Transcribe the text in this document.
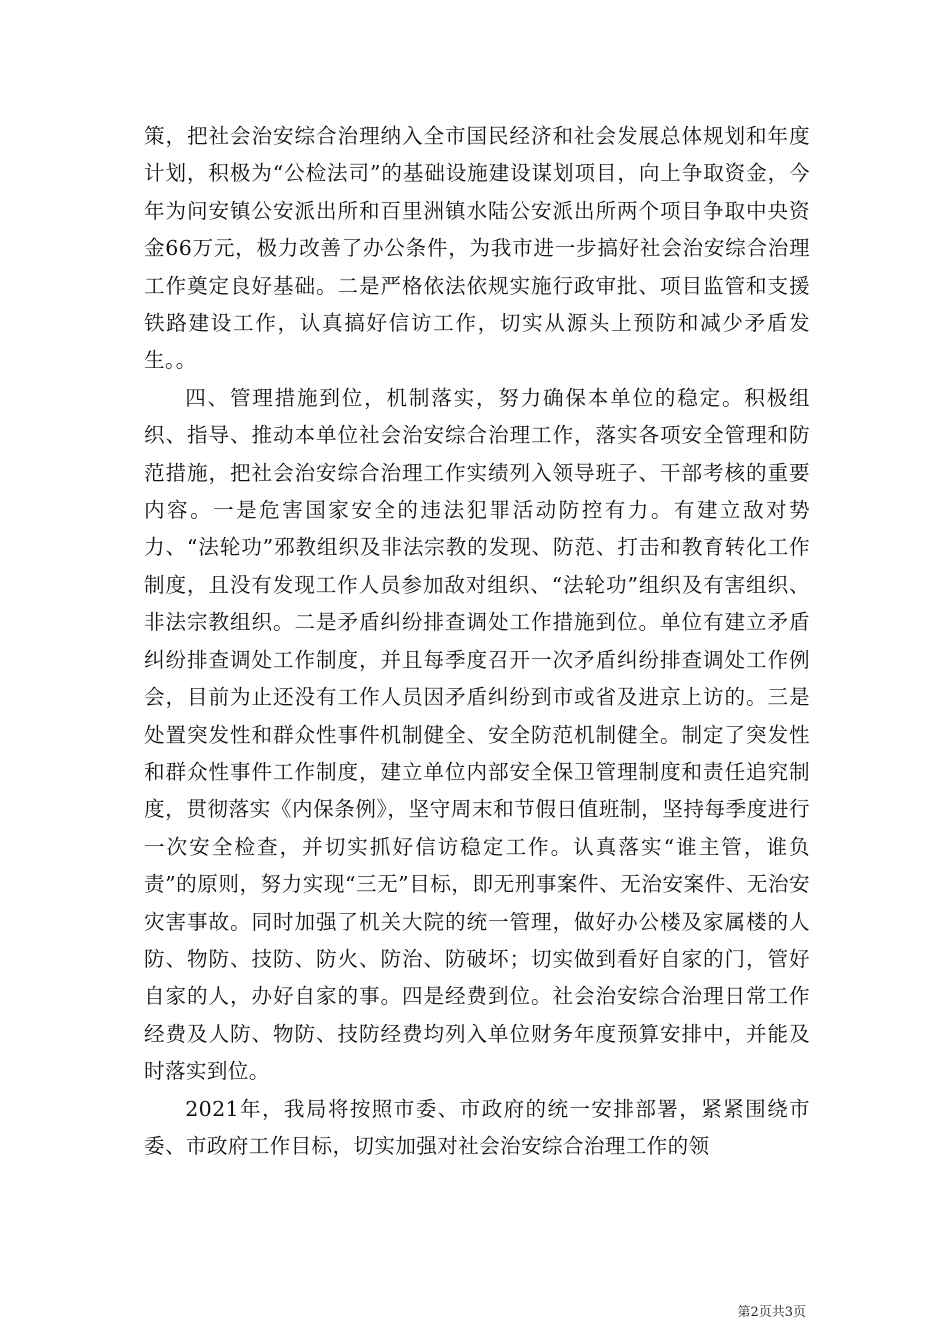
策，把社会治安综合治理纳入全市国民经济和社会发展总体规划和年度计划，积极为“公检法司”的基础设施建设谋划项目，向上争取资金，今年为问安镇公安派出所和百里洲镇水陆公安派出所两个项目争取中央资金66万元，极力改善了办公条件，为我市进一步搞好社会治安综合治理工作奠定良好基础。二是严格依法依规实施行政审批、项目监管和支援铁路建设工作，认真搞好信访工作，切实从源头上预防和减少矛盾发生。。

四、管理措施到位，机制落实，努力确保本单位的稳定。积极组织、指导、推动本单位社会治安综合治理工作，落实各项安全管理和防范措施，把社会治安综合治理工作实绩列入领导班子、干部考核的重要内容。一是危害国家安全的违法犯罪活动防控有力。有建立敌对势力、“法轮功”邪教组织及非法宗教的发现、防范、打击和教育转化工作制度，且没有发现工作人员参加敌对组织、“法轮功”组织及有害组织、非法宗教组织。二是矛盾纠纷排查调处工作措施到位。单位有建立矛盾纠纷排查调处工作制度，并且每季度召开一次矛盾纠纷排查调处工作例会，目前为止还没有工作人员因矛盾纠纷到市或省及进京上访的。三是处置突发性和群众性事件机制健全、安全防范机制健全。制定了突发性和群众性事件工作制度，建立单位内部安全保卫管理制度和责任追究制度，贯彻落实《内保条例》，坚守周末和节假日值班制，坚持每季度进行一次安全检查，并切实抓好信访稳定工作。认真落实“谁主管，谁负责”的原则，努力实现“三无”目标，即无刑事案件、无治安案件、无治安灾害事故。同时加强了机关大院的统一管理，做好办公楼及家属楼的人防、物防、技防、防火、防治、防破坏；切实做到看好自家的门，管好自家的人，办好自家的事。四是经费到位。社会治安综合治理日常工作经费及人防、物防、技防经费均列入单位财务年度预算安排中，并能及时落实到位。

2021年，我局将按照市委、市政府的统一安排部署，紧紧围绕市委、市政府工作目标，切实加强对社会治安综合治理工作的领

第2页共3页
